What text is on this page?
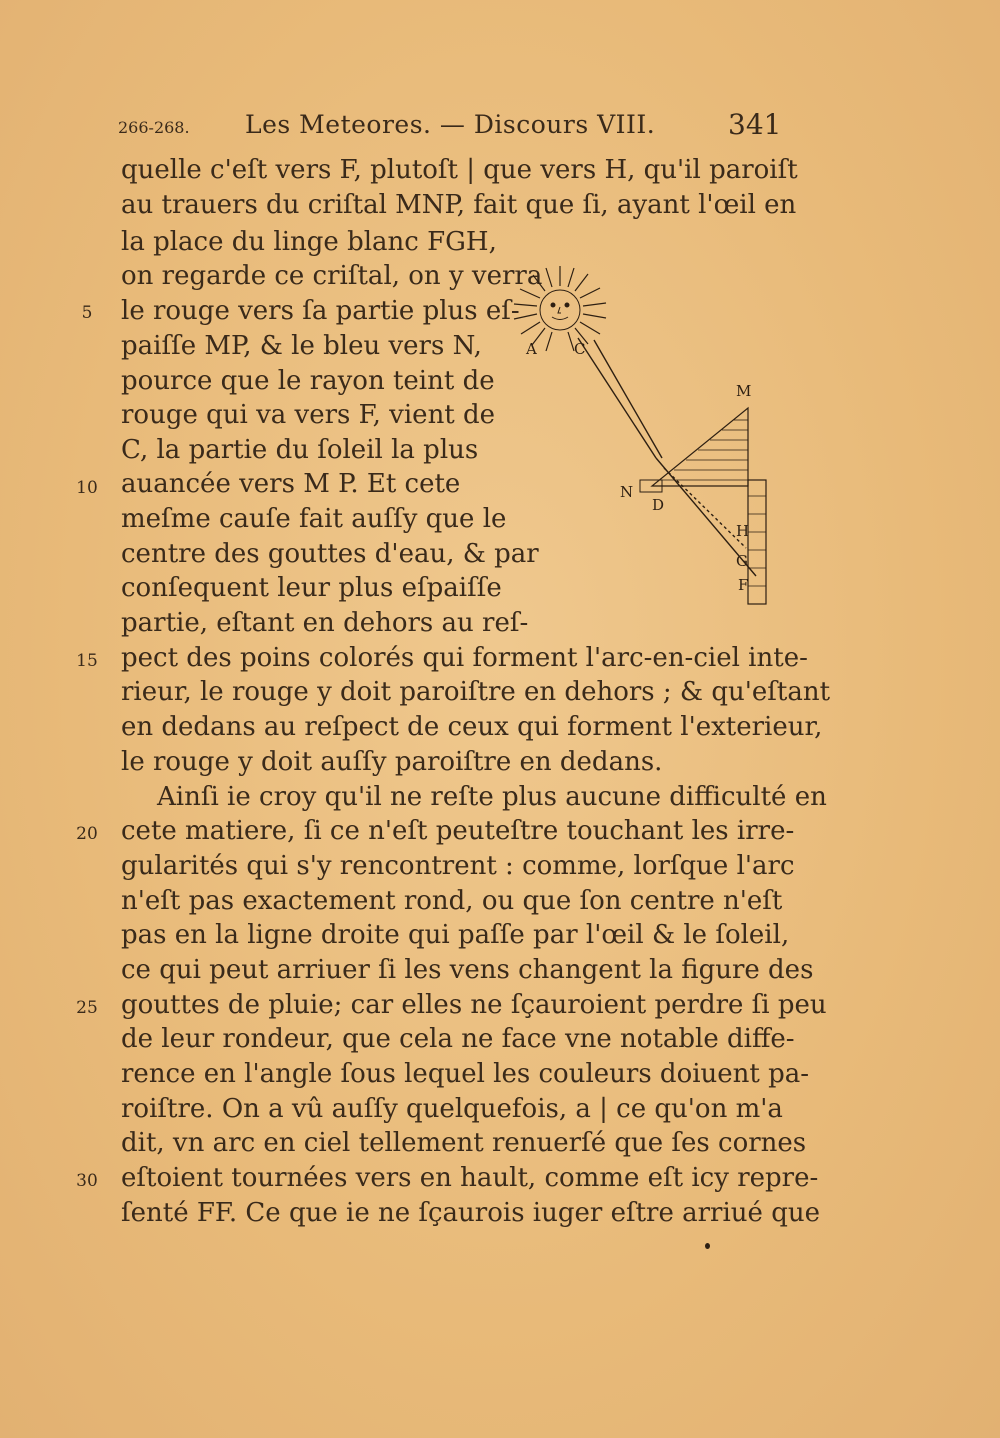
266-268. Les Meteores. — Discours VIII.	341
quelle c'eſt vers F, plutoſt | que vers H, qu'il paroiſt
au trauers du criſtal MNP, fait que ſi, ayant l'œil en
la place du linge blanc FGH,
on regarde ce criſtal, on y verra
le rouge vers ſa partie plus eſ-
paiſſe MP, & le bleu vers N,
pource que le rayon teint de
rouge qui va vers F, vient de
C, la partie du ſoleil la plus
auancée vers M P. Et cete
meſme cauſe fait auſſy que le
centre des gouttes d'eau, & par
conſequent leur plus eſpaiſſe
partie, eſtant en dehors au reſ-
pect des poins colorés qui forment l'arc-en-ciel inte-
rieur, le rouge y doit paroiſtre en dehors ; & qu'eſtant
en dedans au reſpect de ceux qui forment l'exterieur,
le rouge y doit auſſy paroiſtre en dedans.
Ainſi ie croy qu'il ne reſte plus aucune difficulté en
cete matiere, ſi ce n'eſt peuteſtre touchant les irre-
gularités qui s'y rencontrent : comme, lorſque l'arc
n'eſt pas exactement rond, ou que ſon centre n'eſt
pas en la ligne droite qui paſſe par l'œil & le ſoleil,
ce qui peut arriuer ſi les vens changent la figure des
gouttes de pluie; car elles ne ſçauroient perdre ſi peu
de leur rondeur, que cela ne face vne notable diffe-
rence en l'angle ſous lequel les couleurs doiuent pa-
roiſtre. On a vû auſſy quelquefois, a | ce qu'on m'a
dit, vn arc en ciel tellement renuerſé que ſes cornes
eſtoient tournées vers en hault, comme eſt icy repre-
ſenté FF. Ce que ie ne ſçaurois iuger eſtre arriué que
5
10
15
20
25
30
A C
M
N
D
H
G
F
